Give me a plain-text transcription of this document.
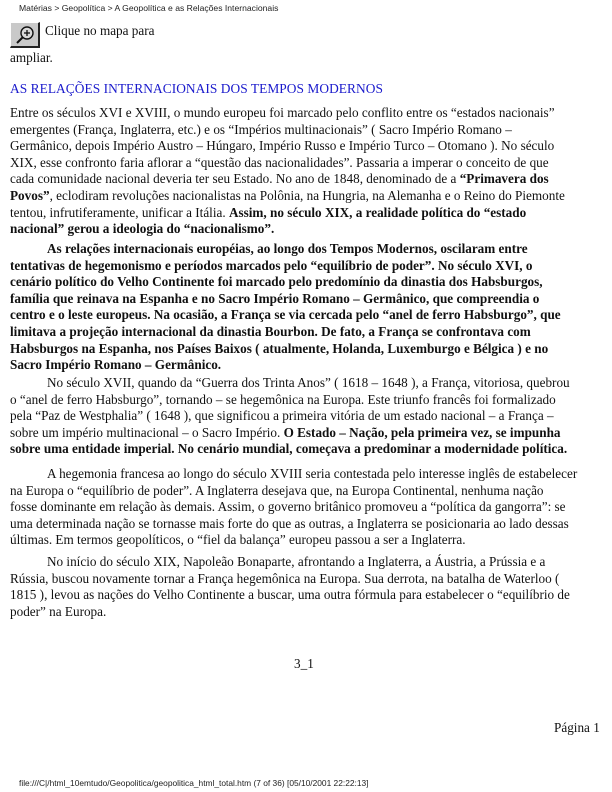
Matérias > Geopolítica > A Geopolítica e as Relações Internacionais
Clique no mapa para
ampliar.
AS RELAÇÕES INTERNACIONAIS DOS TEMPOS MODERNOS
Entre os séculos XVI e XVIII, o mundo europeu foi marcado pelo conflito entre os “estados nacionais”
emergentes (França, Inglaterra, etc.) e os “Impérios multinacionais” ( Sacro Império Romano –
Germânico, depois Império Austro – Húngaro, Império Russo e Império Turco – Otomano ). No século
XIX, esse confronto faria aflorar a “questão das nacionalidades”. Passaria a imperar o conceito de que
cada comunidade nacional deveria ter seu Estado. No ano de 1848, denominado de a “Primavera dos
Povos”, eclodiram revoluções nacionalistas na Polônia, na Hungria, na Alemanha e o Reino do Piemonte
tentou, infrutiferamente, unificar a Itália. Assim, no século XIX, a realidade política do “estado
nacional” gerou a ideologia do “nacionalismo”.
As relações internacionais européias, ao longo dos Tempos Modernos, oscilaram entre
tentativas de hegemonismo e períodos marcados pelo “equilíbrio de poder”. No século XVI, o
cenário político do Velho Continente foi marcado pelo predomínio da dinastia dos Habsburgos,
família que reinava na Espanha e no Sacro Império Romano – Germânico, que compreendia o
centro e o leste europeus. Na ocasião, a França se via cercada pelo “anel de ferro Habsburgo”, que
limitava a projeção internacional da dinastia Bourbon. De fato, a França se confrontava com
Habsburgos na Espanha, nos Países Baixos ( atualmente, Holanda, Luxemburgo e Bélgica ) e no
Sacro Império Romano – Germânico.
No século XVII, quando da “Guerra dos Trinta Anos” ( 1618 – 1648 ), a França, vitoriosa, quebrou
o “anel de ferro Habsburgo”, tornando – se hegemônica na Europa. Este triunfo francês foi formalizado
pela “Paz de Westphalia” ( 1648 ), que significou a primeira vitória de um estado nacional – a França –
sobre um império multinacional – o Sacro Império. O Estado – Nação, pela primeira vez, se impunha
sobre uma entidade imperial. No cenário mundial, começava a predominar a modernidade política.
A hegemonia francesa ao longo do século XVIII seria contestada pelo interesse inglês de estabelecer
na Europa o “equilíbrio de poder”. A Inglaterra desejava que, na Europa Continental, nenhuma nação
fosse dominante em relação às demais. Assim, o governo britânico promoveu a “política da gangorra”: se
uma determinada nação se tornasse mais forte do que as outras, a Inglaterra se posicionaria ao lado dessas
últimas. Em termos geopolíticos, o “fiel da balança” europeu passou a ser a Inglaterra.
No início do século XIX, Napoleão Bonaparte, afrontando a Inglaterra, a Áustria, a Prússia e a
Rússia, buscou novamente tornar a França hegemônica na Europa. Sua derrota, na batalha de Waterloo (
1815 ), levou as nações do Velho Continente a buscar, uma outra fórmula para estabelecer o “equilíbrio de
poder” na Europa.
3_1
Página 1
file:///C|/html_10emtudo/Geopolitica/geopolitica_html_total.htm (7 of 36) [05/10/2001 22:22:13]
